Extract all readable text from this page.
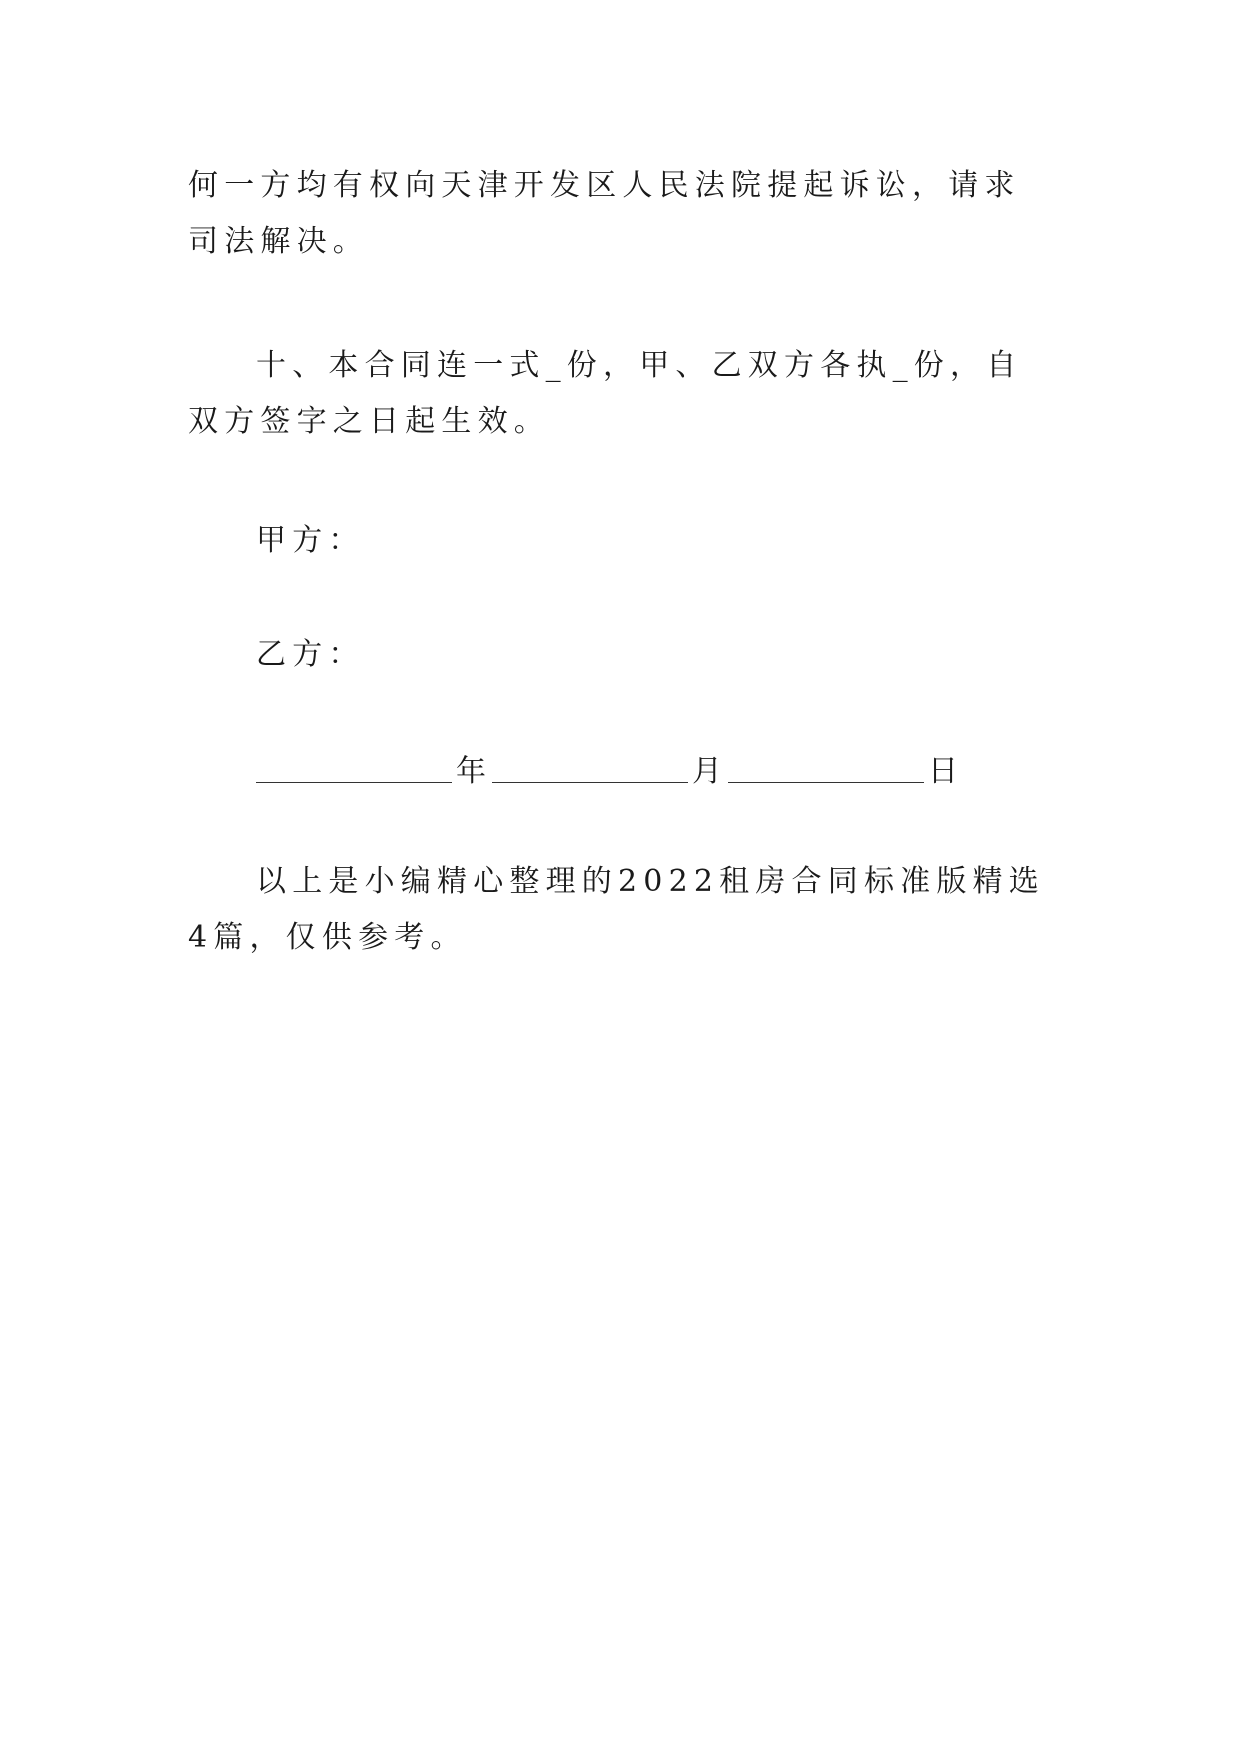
何一方均有权向天津开发区人民法院提起诉讼，请求司法解决。

十、本合同连一式_份，甲、乙双方各执_份，自双方签字之日起生效。

甲方：

乙方：

年	月	日

以上是小编精心整理的2022租房合同标准版精选4篇，仅供参考。
